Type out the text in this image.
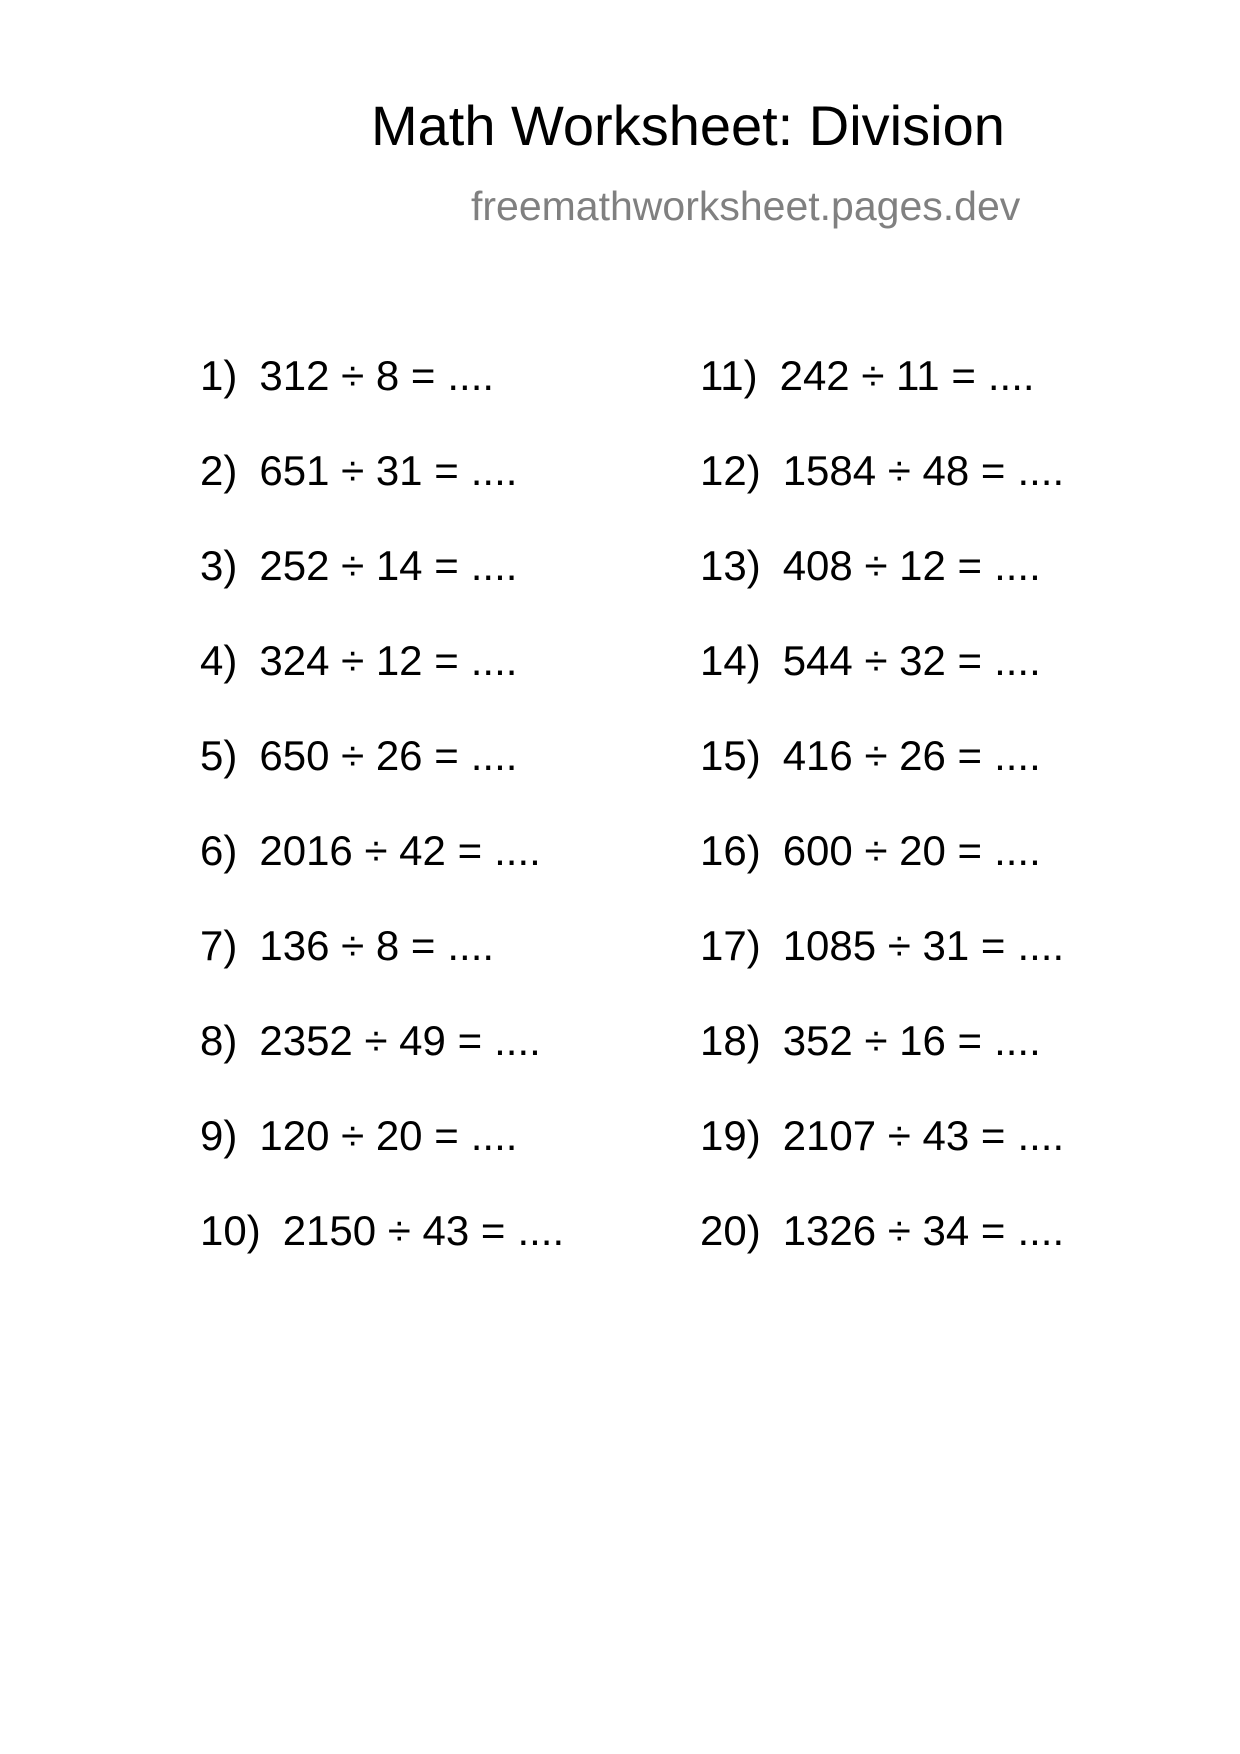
Math Worksheet: Division
freemathworksheet.pages.dev
1) 312 ÷ 8 = ....
2) 651 ÷ 31 = ....
3) 252 ÷ 14 = ....
4) 324 ÷ 12 = ....
5) 650 ÷ 26 = ....
6) 2016 ÷ 42 = ....
7) 136 ÷ 8 = ....
8) 2352 ÷ 49 = ....
9) 120 ÷ 20 = ....
10) 2150 ÷ 43 = ....
11) 242 ÷ 11 = ....
12) 1584 ÷ 48 = ....
13) 408 ÷ 12 = ....
14) 544 ÷ 32 = ....
15) 416 ÷ 26 = ....
16) 600 ÷ 20 = ....
17) 1085 ÷ 31 = ....
18) 352 ÷ 16 = ....
19) 2107 ÷ 43 = ....
20) 1326 ÷ 34 = ....
